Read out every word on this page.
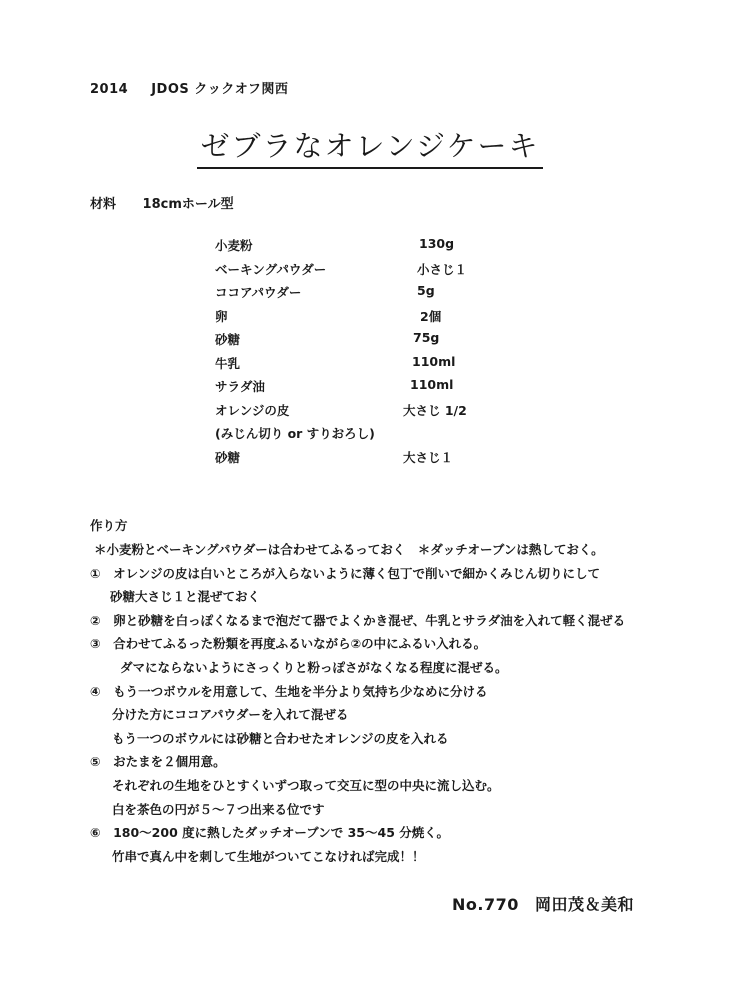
2014 JDOS クックオフ関西
ゼブラなオレンジケーキ
材料 18cmホール型
小麦粉	130g
ベーキングパウダー	小さじ１
ココアパウダー	5g
卵	2個
砂糖	75g
牛乳	110ml
サラダ油	110ml
オレンジの皮	大さじ 1/2
(みじん切り or すりおろし)
砂糖	大さじ１
作り方
＊小麦粉とベーキングパウダーは合わせてふるっておく　＊ダッチオーブンは熱しておく。
①　オレンジの皮は白いところが入らないように薄く包丁で削いで細かくみじん切りにして
砂糖大さじ１と混ぜておく
②　卵と砂糖を白っぽくなるまで泡だて器でよくかき混ぜ、牛乳とサラダ油を入れて軽く混ぜる
③　合わせてふるった粉類を再度ふるいながら②の中にふるい入れる。
ダマにならないようにさっくりと粉っぽさがなくなる程度に混ぜる。
④　もう一つボウルを用意して、生地を半分より気持ち少なめに分ける
分けた方にココアパウダーを入れて混ぜる
もう一つのボウルには砂糖と合わせたオレンジの皮を入れる
⑤　おたまを２個用意。
それぞれの生地をひとすくいずつ取って交互に型の中央に流し込む。
白を茶色の円が５～７つ出来る位です
⑥　180～200 度に熱したダッチオーブンで 35～45 分焼く。
竹串で真ん中を刺して生地がついてこなければ完成！！
No.770 岡田茂＆美和
